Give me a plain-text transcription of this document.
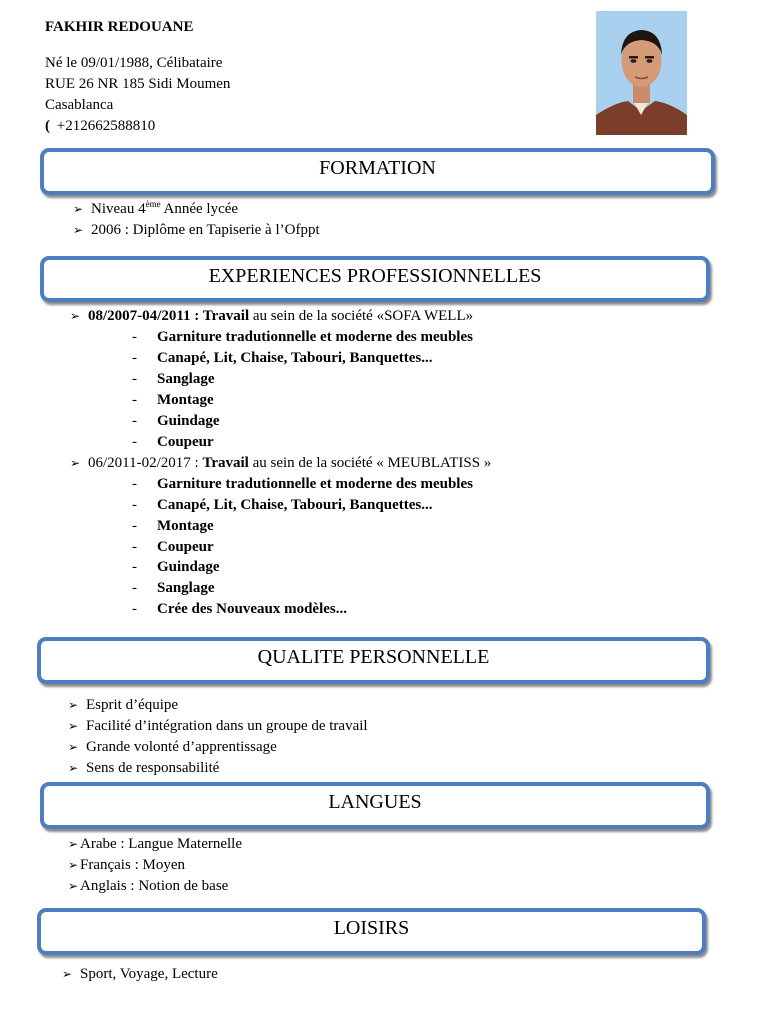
FAKHIR REDOUANE
Né le 09/01/1988, Célibataire
RUE 26 NR 185 Sidi Moumen
Casablanca
( +212662588810
FORMATION
➢ Niveau 4ème Année lycée
➢ 2006 : Diplôme en Tapiserie à l’Ofppt
EXPERIENCES PROFESSIONNELLES
➢ 08/2007-04/2011 : Travail au sein de la société «SOFA WELL»
- Garniture tradutionnelle et moderne des meubles
- Canapé, Lit, Chaise, Tabouri, Banquettes...
- Sanglage
- Montage
- Guindage
- Coupeur
➢ 06/2011-02/2017 : Travail au sein de la société « MEUBLATISS »
- Garniture tradutionnelle et moderne des meubles
- Canapé, Lit, Chaise, Tabouri, Banquettes...
- Montage
- Coupeur
- Guindage
- Sanglage
- Crée des Nouveaux modèles...
QUALITE PERSONNELLE
➢ Esprit d’équipe
➢ Facilité d’intégration dans un groupe de travail
➢ Grande volonté d’apprentissage
➢ Sens de responsabilité
LANGUES
➢ Arabe : Langue Maternelle
➢ Français : Moyen
➢ Anglais : Notion de base
LOISIRS
➢ Sport, Voyage, Lecture
